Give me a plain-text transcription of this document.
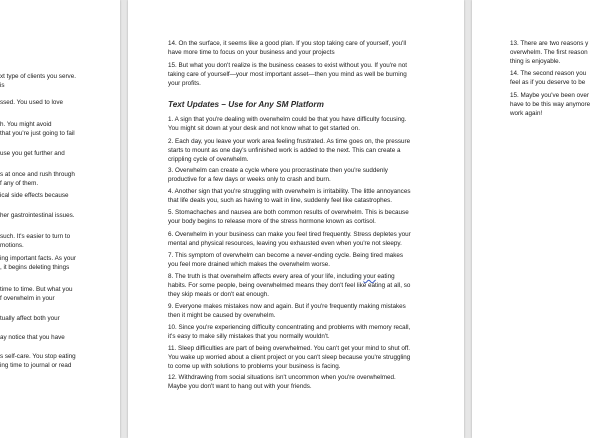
xt type of clients you serve.
is

ssed. You used to love

h. You might avoid
that you're just going to fail

use you get further and

s at once and rush through
f any of them.

ical side effects because

her gastrointestinal issues.

such. It's easier to turn to
motions.

ing important facts. As your
, it begins deleting things

time to time. But what you
f overwhelm in your

tually affect both your

ay notice that you have

s self-care. You stop eating
ing time to journal or read

14. On the surface, it seems like a good plan. If you stop taking care of yourself, you'll
have more time to focus on your business and your projects

15. But what you don't realize is the business ceases to exist without you. If you're not
taking care of yourself—your most important asset—then you mind as well be burning
your profits.

Text Updates – Use for Any SM Platform

1. A sign that you're dealing with overwhelm could be that you have difficulty focusing.
You might sit down at your desk and not know what to get started on.

2. Each day, you leave your work area feeling frustrated. As time goes on, the pressure
starts to mount as one day's unfinished work is added to the next. This can create a
crippling cycle of overwhelm.

3. Overwhelm can create a cycle where you procrastinate then you're suddenly
productive for a few days or weeks only to crash and burn.

4. Another sign that you're struggling with overwhelm is irritability. The little annoyances
that life deals you, such as having to wait in line, suddenly feel like catastrophes.

5. Stomachaches and nausea are both common results of overwhelm. This is because
your body begins to release more of the stress hormone known as cortisol.

6. Overwhelm in your business can make you feel tired frequently. Stress depletes your
mental and physical resources, leaving you exhausted even when you're not sleepy.

7. This symptom of overwhelm can become a never-ending cycle. Being tired makes
you feel more drained which makes the overwhelm worse.

8. The truth is that overwhelm affects every area of your life, including your eating
habits. For some people, being overwhelmed means they don't feel like eating at all, so
they skip meals or don't eat enough.

9. Everyone makes mistakes now and again. But if you're frequently making mistakes
then it might be caused by overwhelm.

10. Since you're experiencing difficulty concentrating and problems with memory recall,
it's easy to make silly mistakes that you normally wouldn't.

11. Sleep difficulties are part of being overwhelmed. You can't get your mind to shut off.
You wake up worried about a client project or you can't sleep because you're struggling
to come up with solutions to problems your business is facing.

12. Withdrawing from social situations isn't uncommon when you're overwhelmed.
Maybe you don't want to hang out with your friends.

13. There are two reasons y
overwhelm. The first reason
thing is enjoyable.

14. The second reason you
feel as if you deserve to be

15. Maybe you've been over
have to be this way anymore
work again!
